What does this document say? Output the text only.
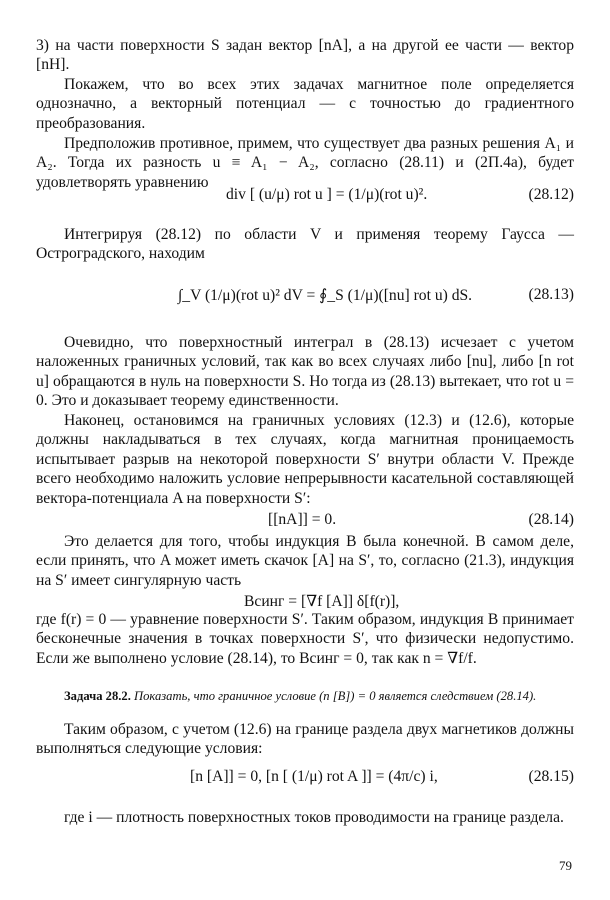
3) на части поверхности S задан вектор [nA], а на другой ее части — вектор [nH].
Покажем, что во всех этих задачах магнитное поле определяется однозначно, а векторный потенциал — с точностью до градиентного преобразования.
Предположив противное, примем, что существует два разных решения A₁ и A₂. Тогда их разность u ≡ A₁ − A₂, согласно (28.11) и (2П.4а), будет удовлетворять уравнению
div [ (u/μ) rot u ] = (1/μ)(rot u)².	(28.12)
Интегрируя (28.12) по области V и применяя теорему Гаусса — Остроградского, находим
∫_V (1/μ)(rot u)² dV = ∮_S (1/μ)([nu] rot u) dS.	(28.13)
Очевидно, что поверхностный интеграл в (28.13) исчезает с учетом наложенных граничных условий, так как во всех случаях либо [nu], либо [n rot u] обращаются в нуль на поверхности S. Но тогда из (28.13) вытекает, что rot u = 0. Это и доказывает теорему единственности.
Наконец, остановимся на граничных условиях (12.3) и (12.6), которые должны накладываться в тех случаях, когда магнитная проницаемость испытывает разрыв на некоторой поверхности S′ внутри области V. Прежде всего необходимо наложить условие непрерывности касательной составляющей вектора-потенциала A на поверхности S′:
[[nA]] = 0.	(28.14)
Это делается для того, чтобы индукция B была конечной. В самом деле, если принять, что A может иметь скачок [A] на S′, то, согласно (21.3), индукция на S′ имеет сингулярную часть
Bсинг = [∇f [A]] δ[f(r)],
где f(r) = 0 — уравнение поверхности S′. Таким образом, индукция B принимает бесконечные значения в точках поверхности S′, что физически недопустимо. Если же выполнено условие (28.14), то Bсинг = 0, так как n = ∇f/f.
Задача 28.2. Показать, что граничное условие (n [B]) = 0 является следствием (28.14).
Таким образом, с учетом (12.6) на границе раздела двух магнетиков должны выполняться следующие условия:
[n [A]] = 0, [n [ (1/μ) rot A ]] = (4π/c) i,	(28.15)
где i — плотность поверхностных токов проводимости на границе раздела.
79
